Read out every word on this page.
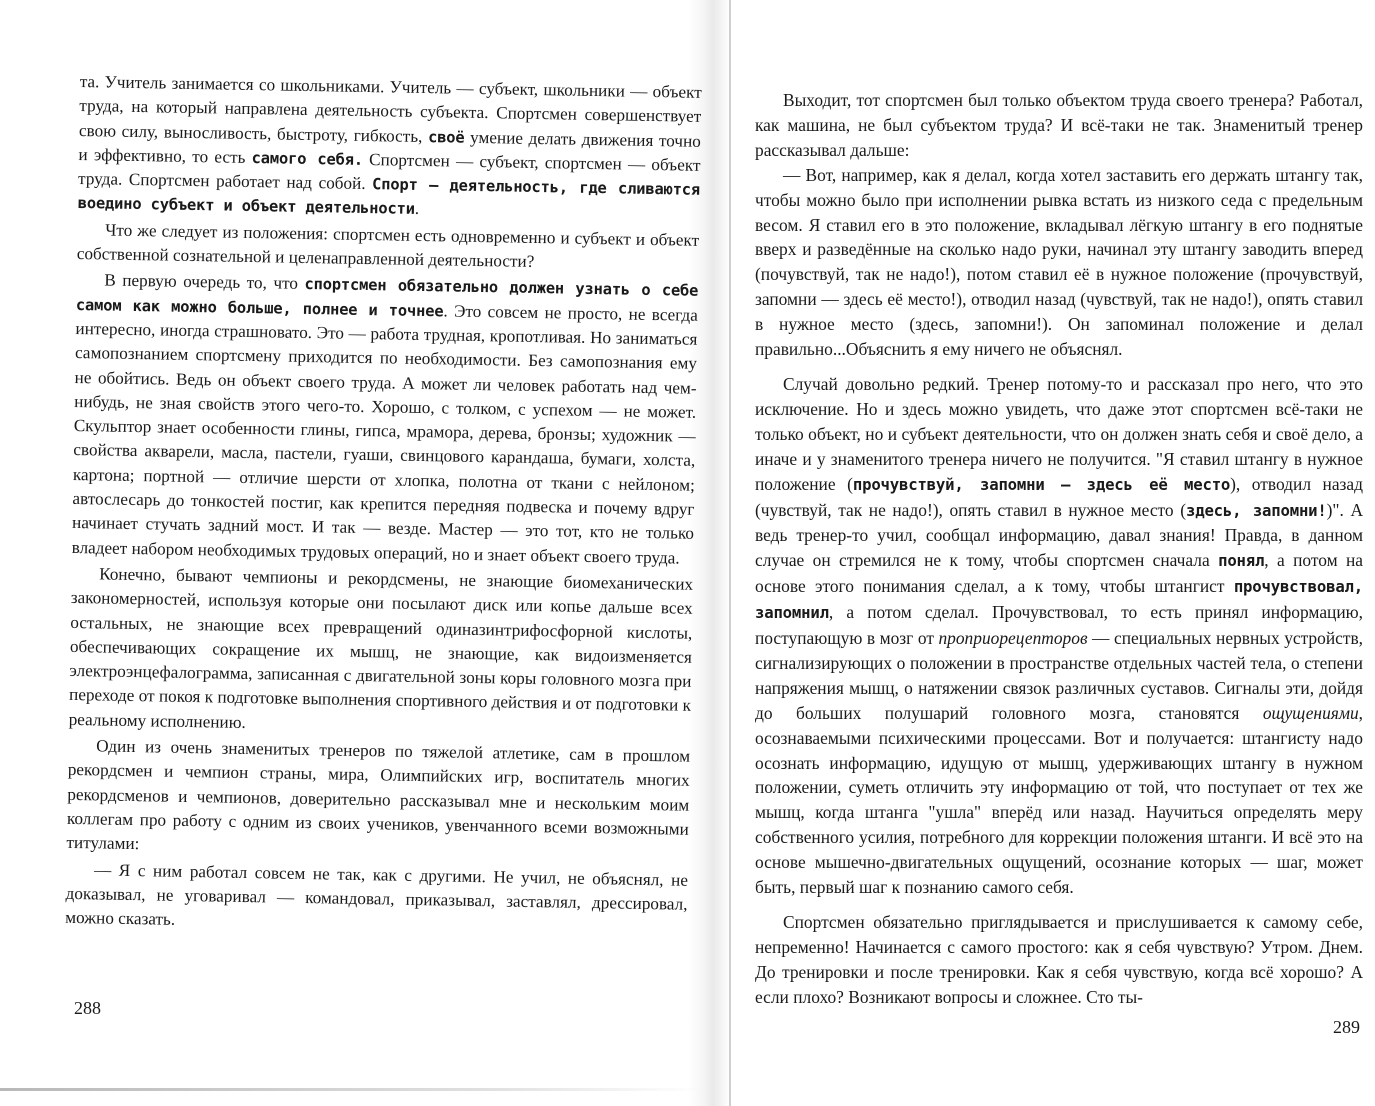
та. Учитель занимается со школьниками. Учитель — субъект, школьники — объект труда, на который направлена деятельность субъекта. Спортсмен совершенствует свою силу, выносливость, быстроту, гибкость, своё умение делать движения точно и эффективно, то есть самого себя. Спортсмен — субъект, спортсмен — объект труда. Спортсмен работает над собой. Спорт — деятельность, где сливаются воедино субъект и объект деятельности.

Что же следует из положения: спортсмен есть одновременно и субъект и объект собственной сознательной и целенаправленной деятельности?

В первую очередь то, что спортсмен обязательно должен узнать о себе самом как можно больше, полнее и точнее. Это совсем не просто, не всегда интересно, иногда страшновато. Это — работа трудная, кропотливая. Но заниматься самопознанием спортсмену приходится по необходимости. Без самопознания ему не обойтись. Ведь он объект своего труда. А может ли человек работать над чем-нибудь, не зная свойств этого чего-то. Хорошо, с толком, с успехом — не может. Скульптор знает особенности глины, гипса, мрамора, дерева, бронзы; художник — свойства акварели, масла, пастели, гуаши, свинцового карандаша, бумаги, холста, картона; портной — отличие шерсти от хлопка, полотна от ткани с нейлоном; автослесарь до тонкостей постиг, как крепится передняя подвеска и почему вдруг начинает стучать задний мост. И так — везде. Мастер — это тот, кто не только владеет набором необходимых трудовых операций, но и знает объект своего труда.

Конечно, бывают чемпионы и рекордсмены, не знающие биомеханических закономерностей, используя которые они посылают диск или копье дальше всех остальных, не знающие всех превращений одиназинтрифосфорной кислоты, обеспечивающих сокращение их мышц, не знающие, как видоизменяется электроэнцефалограмма, записанная с двигательной зоны коры головного мозга при переходе от покоя к подготовке выполнения спортивного действия и от подготовки к реальному исполнению.

Один из очень знаменитых тренеров по тяжелой атлетике, сам в прошлом рекордсмен и чемпион страны, мира, Олимпийских игр, воспитатель многих рекордсменов и чемпионов, доверительно рассказывал мне и нескольким моим коллегам про работу с одним из своих учеников, увенчанного всеми возможными титулами:

— Я с ним работал совсем не так, как с другими. Не учил, не объяснял, не доказывал, не уговаривал — командовал, приказывал, заставлял, дрессировал, можно сказать.

288

Выходит, тот спортсмен был только объектом труда своего тренера? Работал, как машина, не был субъектом труда? И всё-таки не так. Знаменитый тренер рассказывал дальше:

— Вот, например, как я делал, когда хотел заставить его держать штангу так, чтобы можно было при исполнении рывка встать из низкого седа с предельным весом. Я ставил его в это положение, вкладывал лёгкую штангу в его поднятые вверх и разведённые на сколько надо руки, начинал эту штангу заводить вперед (почувствуй, так не надо!), потом ставил её в нужное положение (прочувствуй, запомни — здесь её место!), отводил назад (чувствуй, так не надо!), опять ставил в нужное место (здесь, запомни!). Он запоминал положение и делал правильно...Объяснить я ему ничего не объяснял.

Случай довольно редкий. Тренер потому-то и рассказал про него, что это исключение. Но и здесь можно увидеть, что даже этот спортсмен всё-таки не только объект, но и субъект деятельности, что он должен знать себя и своё дело, а иначе и у знаменитого тренера ничего не получится. "Я ставил штангу в нужное положение (прочувствуй, запомни — здесь её место), отводил назад (чувствуй, так не надо!), опять ставил в нужное место (здесь, запомни!)". А ведь тренер-то учил, сообщал информацию, давал знания! Правда, в данном случае он стремился не к тому, чтобы спортсмен сначала понял, а потом на основе этого понимания сделал, а к тому, чтобы штангист прочувствовал, запомнил, а потом сделал. Прочувствовал, то есть принял информацию, поступающую в мозг от проприорецепторов — специальных нервных устройств, сигнализирующих о положении в пространстве отдельных частей тела, о степени напряжения мышц, о натяжении связок различных суставов. Сигналы эти, дойдя до больших полушарий головного мозга, становятся ощущениями, осознаваемыми психическими процессами. Вот и получается: штангисту надо осознать информацию, идущую от мышц, удерживающих штангу в нужном положении, суметь отличить эту информацию от той, что поступает от тех же мышц, когда штанга "ушла" вперёд или назад. Научиться определять меру собственного усилия, потребного для коррекции положения штанги. И всё это на основе мышечно-двигательных ощущений, осознание которых — шаг, может быть, первый шаг к познанию самого себя.

Спортсмен обязательно приглядывается и прислушивается к самому себе, непременно! Начинается с самого простого: как я себя чувствую? Утром. Днем. До тренировки и после тренировки. Как я себя чувствую, когда всё хорошо? А если плохо? Возникают вопросы и сложнее. Сто ты-

289
